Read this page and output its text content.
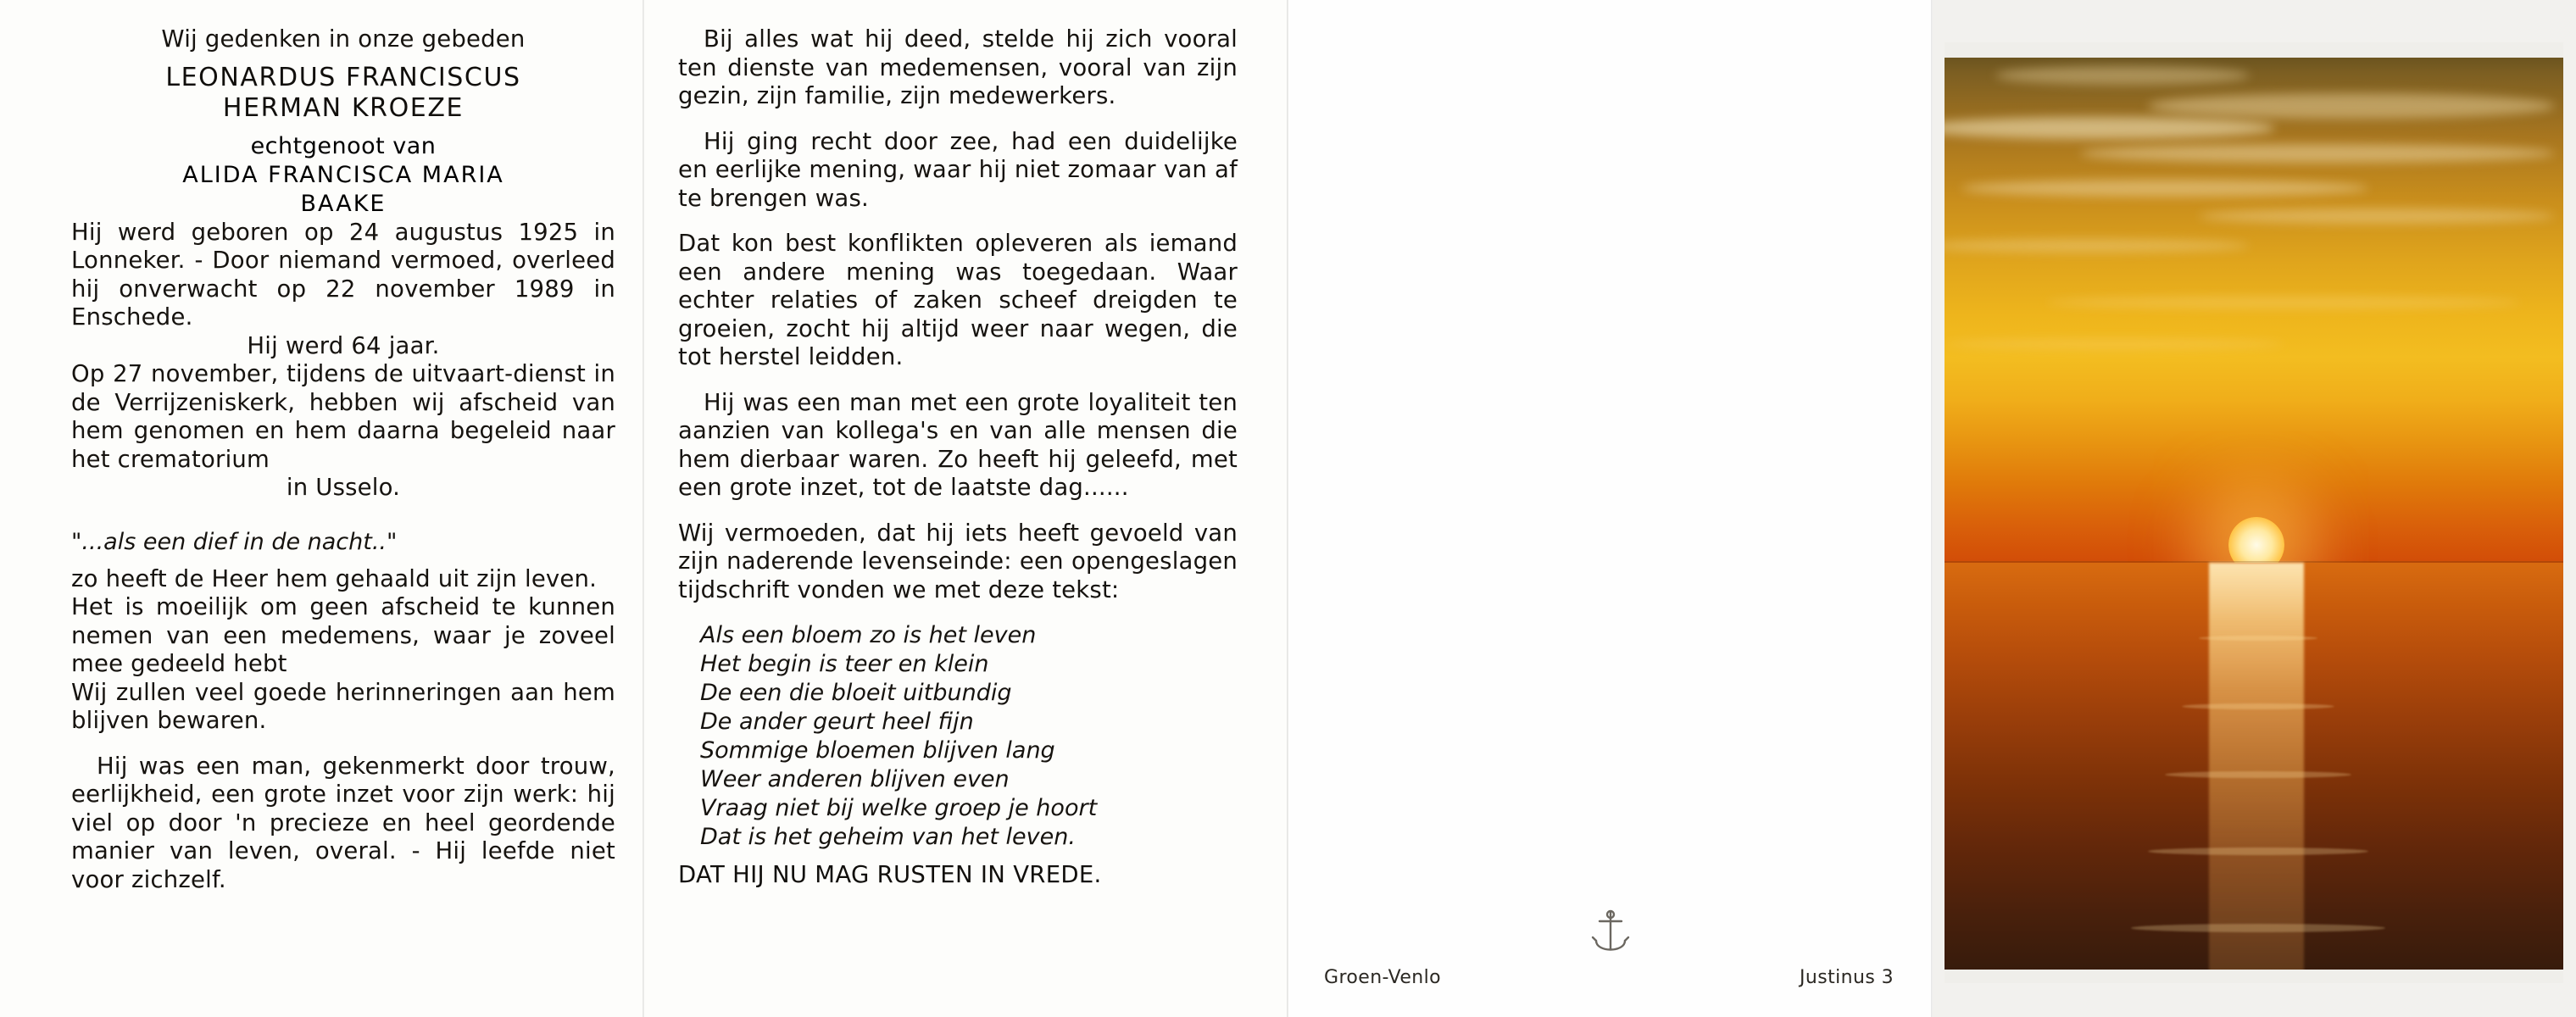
Wij gedenken in onze gebeden
LEONARDUS FRANCISCUS
HERMAN KROEZE
echtgenoot van
ALIDA FRANCISCA MARIA
BAAKE
Hij werd geboren op 24 augustus 1925 in Lonneker. - Door niemand vermoed, overleed hij onverwacht op 22 november 1989 in Enschede.
Hij werd 64 jaar.
Op 27 november, tijdens de uitvaart-dienst in de Verrijzeniskerk, hebben wij afscheid van hem genomen en hem daarna begeleid naar het crematorium
in Usselo.
"...als een dief in de nacht.."
zo heeft de Heer hem gehaald uit zijn leven.
Het is moeilijk om geen afscheid te kunnen nemen van een medemens, waar je zoveel mee gedeeld hebt
Wij zullen veel goede herinneringen aan hem blijven bewaren.
Hij was een man, gekenmerkt door trouw, eerlijkheid, een grote inzet voor zijn werk: hij viel op door 'n precieze en heel geordende manier van leven, overal. - Hij leefde niet voor zichzelf.
Bij alles wat hij deed, stelde hij zich vooral ten dienste van medemensen, vooral van zijn gezin, zijn familie, zijn medewerkers.
Hij ging recht door zee, had een duidelijke en eerlijke mening, waar hij niet zomaar van af te brengen was.
Dat kon best konflikten opleveren als iemand een andere mening was toegedaan. Waar echter relaties of zaken scheef dreigden te groeien, zocht hij altijd weer naar wegen, die tot herstel leidden.
Hij was een man met een grote loyaliteit ten aanzien van kollega's en van alle mensen die hem dierbaar waren. Zo heeft hij geleefd, met een grote inzet, tot de laatste dag......
Wij vermoeden, dat hij iets heeft gevoeld van zijn naderende levenseinde: een opengeslagen tijdschrift vonden we met deze tekst:
Als een bloem zo is het leven
Het begin is teer en klein
De een die bloeit uitbundig
De ander geurt heel fijn
Sommige bloemen blijven lang
Weer anderen blijven even
Vraag niet bij welke groep je hoort
Dat is het geheim van het leven.
DAT HIJ NU MAG RUSTEN IN VREDE.
Groen-Venlo	Justinus 3
